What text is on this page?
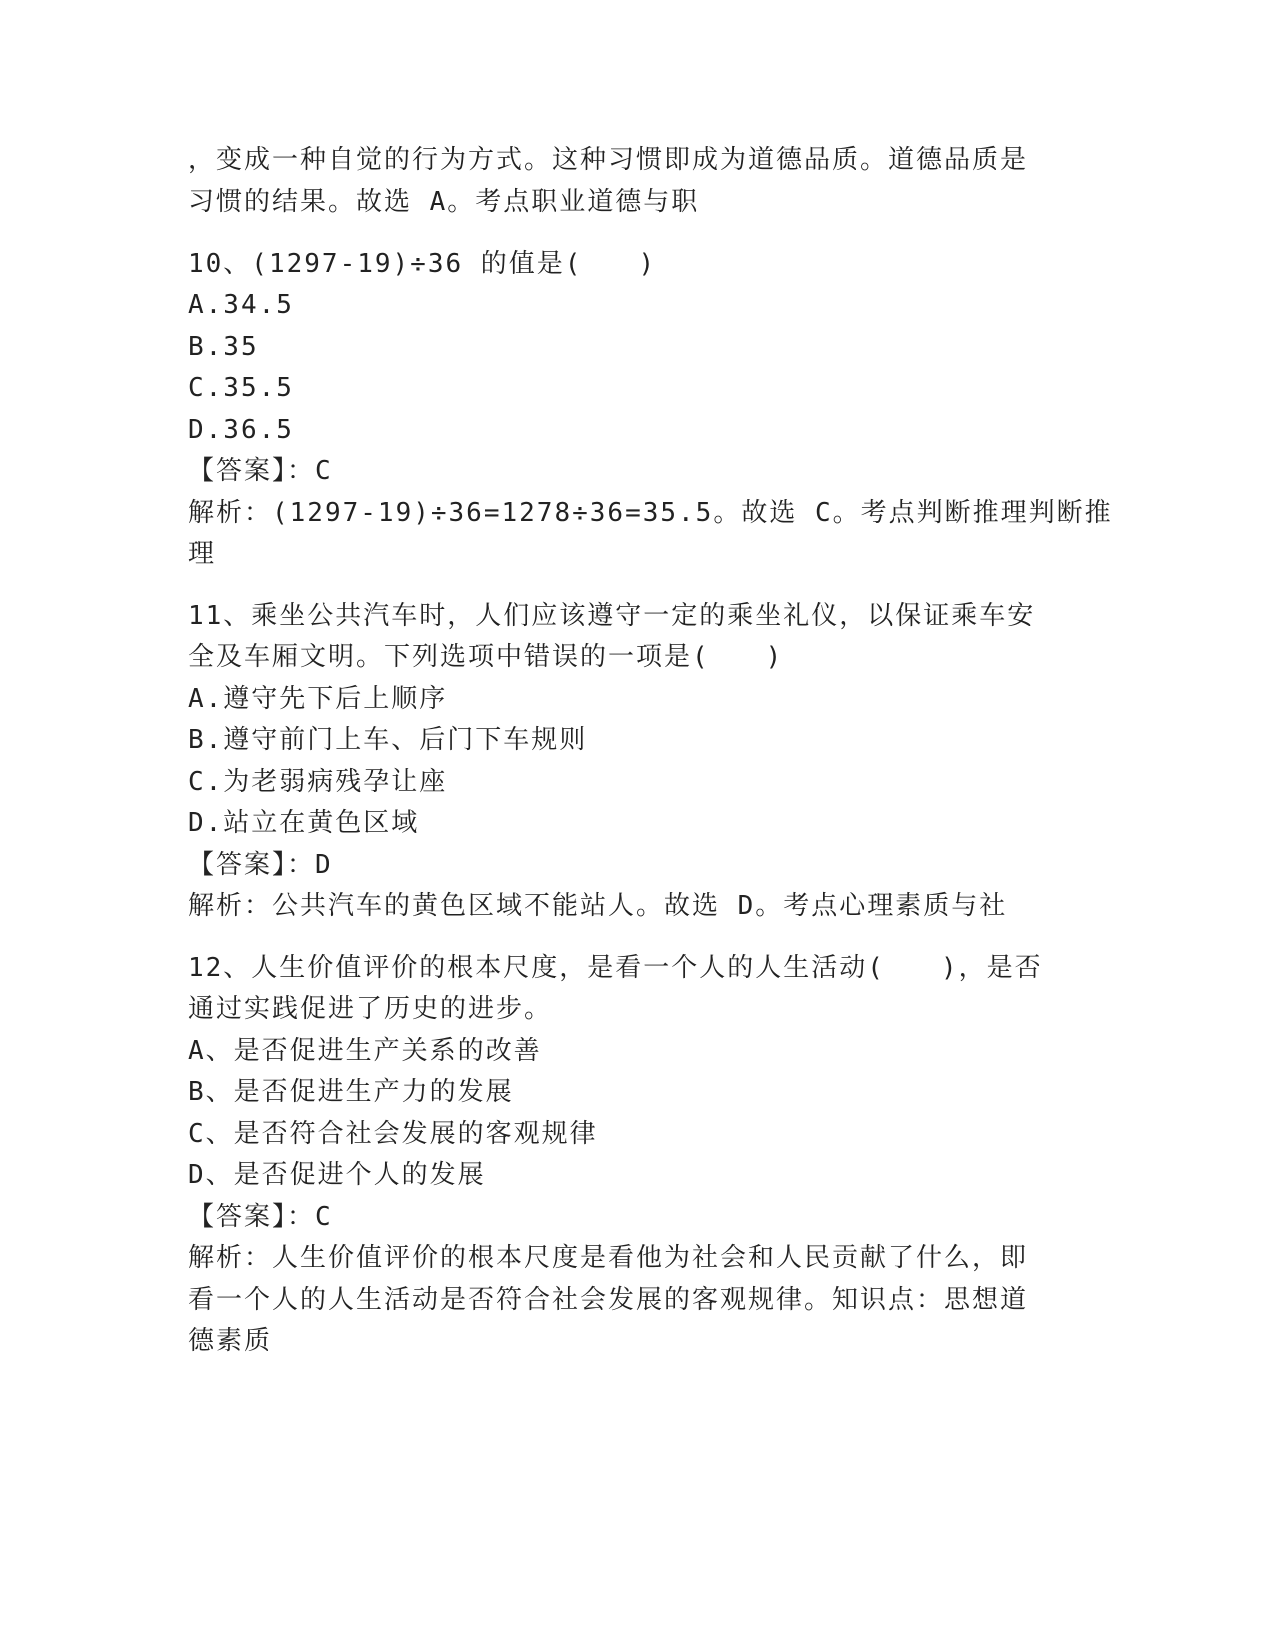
，变成一种自觉的行为方式。这种习惯即成为道德品质。道德品质是
习惯的结果。故选 A。考点职业道德与职
10、(1297-19)÷36 的值是(　　)
A.34.5
B.35
C.35.5
D.36.5
【答案】：C
解析：(1297-19)÷36=1278÷36=35.5。故选 C。考点判断推理判断推
理
11、乘坐公共汽车时，人们应该遵守一定的乘坐礼仪，以保证乘车安
全及车厢文明。下列选项中错误的一项是(　　)
A.遵守先下后上顺序
B.遵守前门上车、后门下车规则
C.为老弱病残孕让座
D.站立在黄色区域
【答案】：D
解析：公共汽车的黄色区域不能站人。故选 D。考点心理素质与社
12、人生价值评价的根本尺度，是看一个人的人生活动(　　)，是否
通过实践促进了历史的进步。
A、是否促进生产关系的改善
B、是否促进生产力的发展
C、是否符合社会发展的客观规律
D、是否促进个人的发展
【答案】：C
解析：人生价值评价的根本尺度是看他为社会和人民贡献了什么，即
看一个人的人生活动是否符合社会发展的客观规律。知识点：思想道
德素质
